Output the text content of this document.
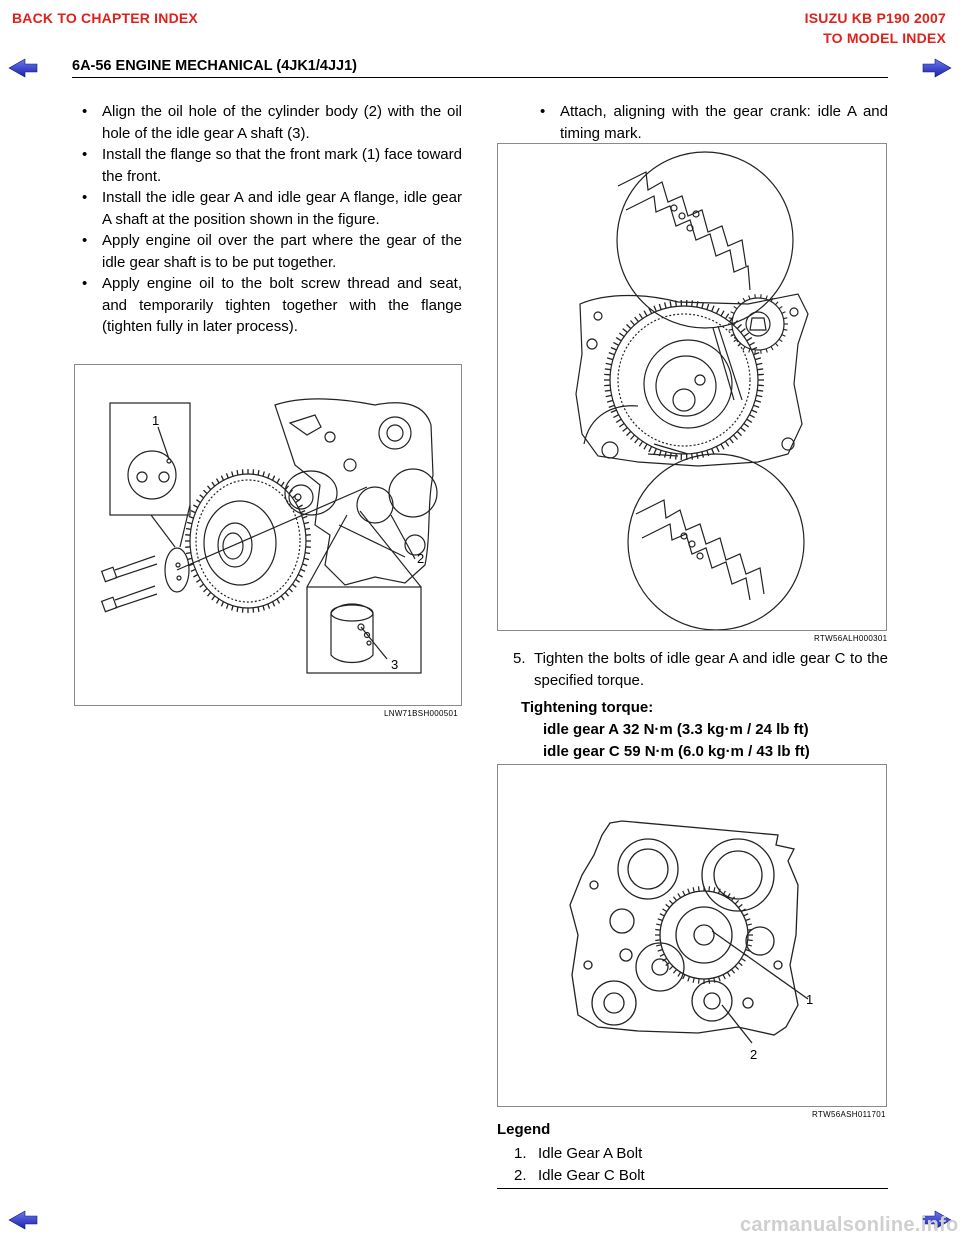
BACK TO CHAPTER INDEX	ISUZU KB P190 2007
TO MODEL INDEX
6A-56 ENGINE MECHANICAL (4JK1/4JJ1)
• Align the oil hole of the cylinder body (2) with the oil hole of the idle gear A shaft (3).
• Install the flange so that the front mark (1) face toward the front.
• Install the idle gear A and idle gear A flange, idle gear A shaft at the position shown in the figure.
• Apply engine oil over the part where the gear of the idle gear shaft is to be put together.
• Apply engine oil to the bolt screw thread and seat, and temporarily tighten together with the flange (tighten fully in later process).
1
2
3
LNW71BSH000501
• Attach, aligning with the gear crank: idle A and timing mark.
RTW56ALH000301
5. Tighten the bolts of idle gear A and idle gear C to the specified torque.
Tightening torque:
idle gear A 32 N·m (3.3 kg·m / 24 lb ft)
idle gear C 59 N·m (6.0 kg·m / 43 lb ft)
1
2
RTW56ASH011701
Legend
1. Idle Gear A Bolt
2. Idle Gear C Bolt
carmanualsonline.info
